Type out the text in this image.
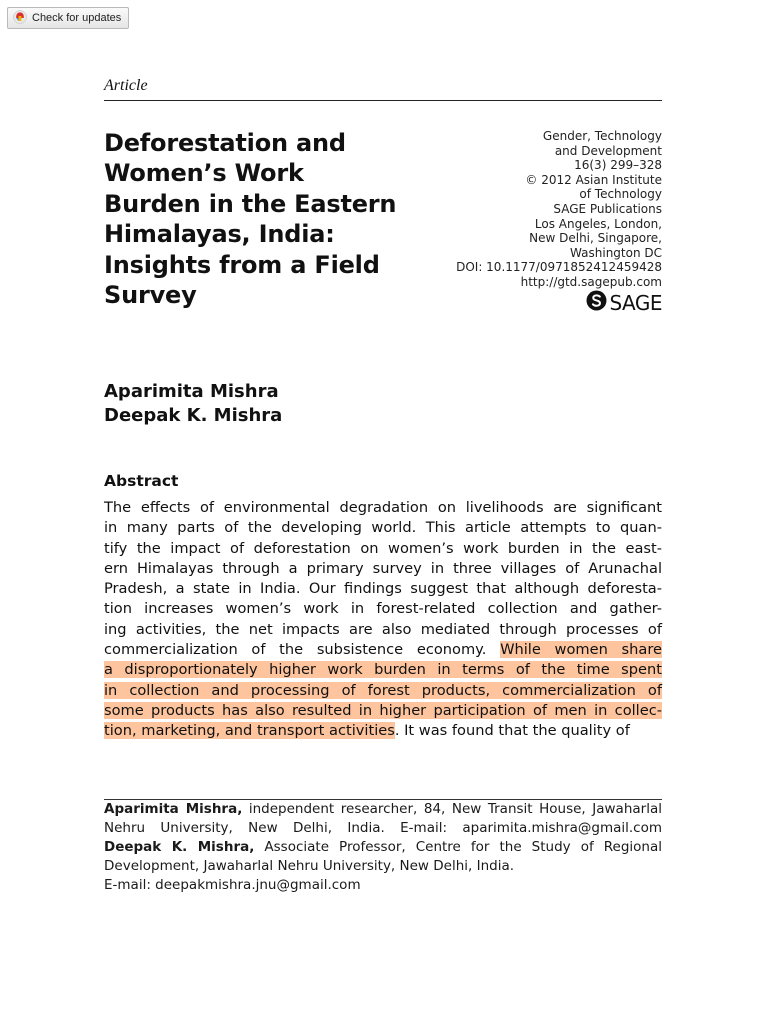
Check for updates
Article
Deforestation and
Women’s Work
Burden in the Eastern
Himalayas, India:
Insights from a Field
Survey
Gender, Technology
and Development
16(3) 299–328
© 2012 Asian Institute
of Technology
SAGE Publications
Los Angeles, London,
New Delhi, Singapore,
Washington DC
DOI: 10.1177/0971852412459428
http://gtd.sagepub.com
SAGE
Aparimita Mishra
Deepak K. Mishra
Abstract
The effects of environmental degradation on livelihoods are significant
in many parts of the developing world. This article attempts to quan-
tify the impact of deforestation on women’s work burden in the east-
ern Himalayas through a primary survey in three villages of Arunachal
Pradesh, a state in India. Our findings suggest that although deforesta-
tion increases women’s work in forest-related collection and gather-
ing activities, the net impacts are also mediated through processes of
commercialization of the subsistence economy. While women share
a disproportionately higher work burden in terms of the time spent
in collection and processing of forest products, commercialization of
some products has also resulted in higher participation of men in collec-
tion, marketing, and transport activities. It was found that the quality of
Aparimita Mishra, independent researcher, 84, New Transit House, Jawaharlal
Nehru University, New Delhi, India. E-mail: aparimita.mishra@gmail.com
Deepak K. Mishra, Associate Professor, Centre for the Study of Regional
Development, Jawaharlal Nehru University, New Delhi, India.
E-mail: deepakmishra.jnu@gmail.com
